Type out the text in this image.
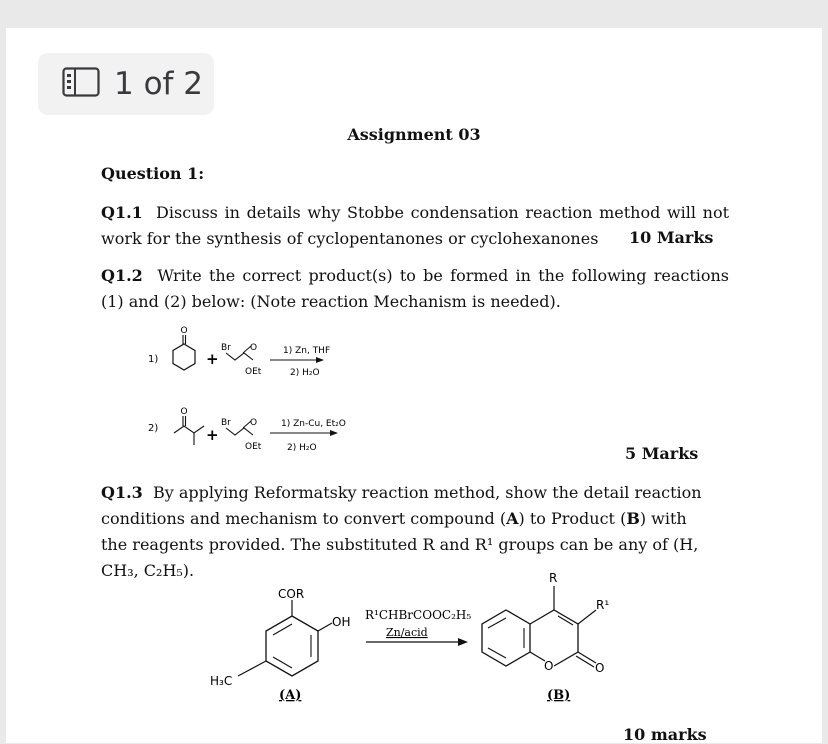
1 of 2
Assignment 03
Question 1:
Q1.1 Discuss in details why Stobbe condensation reaction method will not work for the synthesis of cyclopentanones or cyclohexanones	10 Marks
Q1.2 Write the correct product(s) to be formed in the following reactions (1) and (2) below: (Note reaction Mechanism is needed).
1)
O
+
Br O
OEt
1) Zn, THF
2) H₂O
2)
O
+
Br O
OEt
1) Zn-Cu, Et₂O
2) H₂O	5 Marks
Q1.3 By applying Reformatsky reaction method, show the detail reaction conditions and mechanism to convert compound (A) to Product (B) with the reagents provided. The substituted R and R¹ groups can be any of (H, CH₃, C₂H₅).
COR
OH
H₃C
(A)
R¹CHBrCOOC₂H₅
Zn/acid
O	O
R
R¹
(B)
10 marks
